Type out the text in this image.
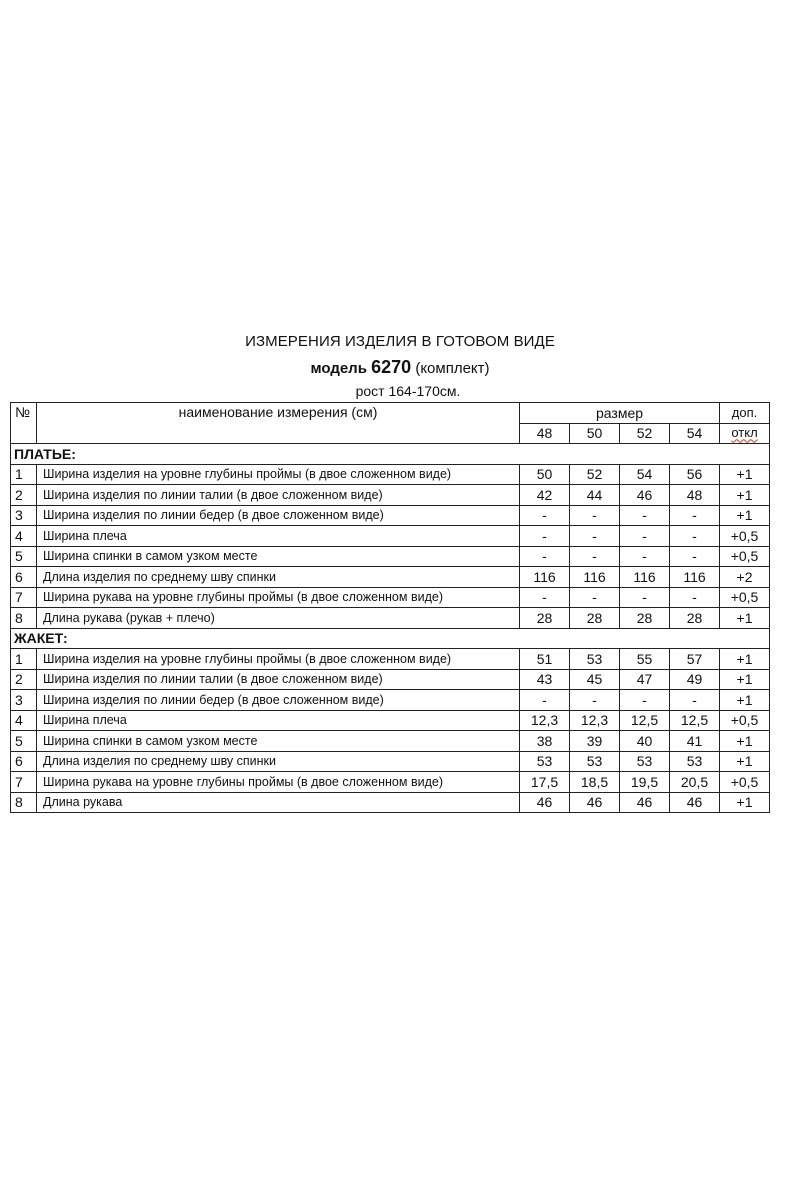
ИЗМЕРЕНИЯ ИЗДЕЛИЯ В ГОТОВОМ ВИДЕ
модель 6270 (комплект)
рост 164-170см.
№	наименование измерения (см)	размер				доп.
		48	50	52	54	откл
ПЛАТЬЕ:						
1	Ширина изделия на уровне глубины проймы (в двое сложенном виде)	50	52	54	56	+1
2	Ширина изделия по линии талии (в двое сложенном виде)	42	44	46	48	+1
3	Ширина изделия по линии бедер (в двое сложенном виде)	-	-	-	-	+1
4	Ширина плеча	-	-	-	-	+0,5
5	Ширина спинки в самом узком месте	-	-	-	-	+0,5
6	Длина изделия по среднему шву спинки	116	116	116	116	+2
7	Ширина рукава на уровне глубины проймы (в двое сложенном виде)	-	-	-	-	+0,5
8	Длина рукава (рукав + плечо)	28	28	28	28	+1
ЖАКЕТ:						
1	Ширина изделия на уровне глубины проймы (в двое сложенном виде)	51	53	55	57	+1
2	Ширина изделия по линии талии (в двое сложенном виде)	43	45	47	49	+1
3	Ширина изделия по линии бедер (в двое сложенном виде)	-	-	-	-	+1
4	Ширина плеча	12,3	12,3	12,5	12,5	+0,5
5	Ширина спинки в самом узком месте	38	39	40	41	+1
6	Длина изделия по среднему шву спинки	53	53	53	53	+1
7	Ширина рукава на уровне глубины проймы (в двое сложенном виде)	17,5	18,5	19,5	20,5	+0,5
8	Длина рукава	46	46	46	46	+1
